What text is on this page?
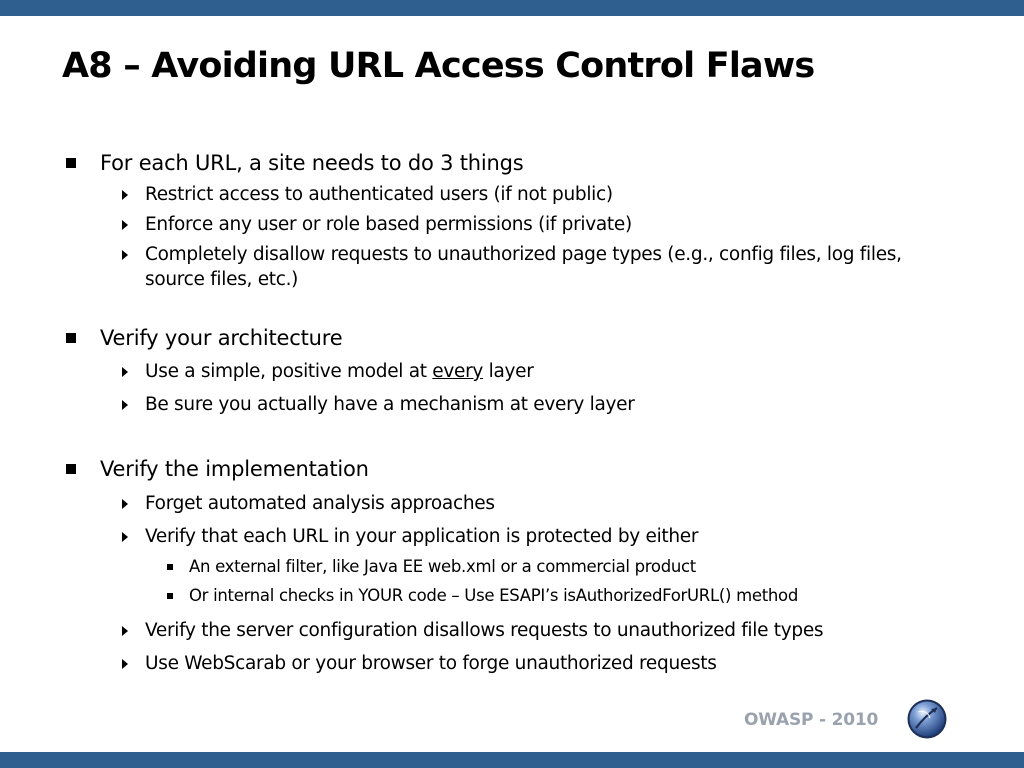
A8 – Avoiding URL Access Control Flaws
For each URL, a site needs to do 3 things
Restrict access to authenticated users (if not public)
Enforce any user or role based permissions (if private)
Completely disallow requests to unauthorized page types (e.g., config files, log files, source files, etc.)
Verify your architecture
Use a simple, positive model at every layer
Be sure you actually have a mechanism at every layer
Verify the implementation
Forget automated analysis approaches
Verify that each URL in your application is protected by either
An external filter, like Java EE web.xml or a commercial product
Or internal checks in YOUR code – Use ESAPI’s isAuthorizedForURL() method
Verify the server configuration disallows requests to unauthorized file types
Use WebScarab or your browser to forge unauthorized requests
OWASP - 2010
